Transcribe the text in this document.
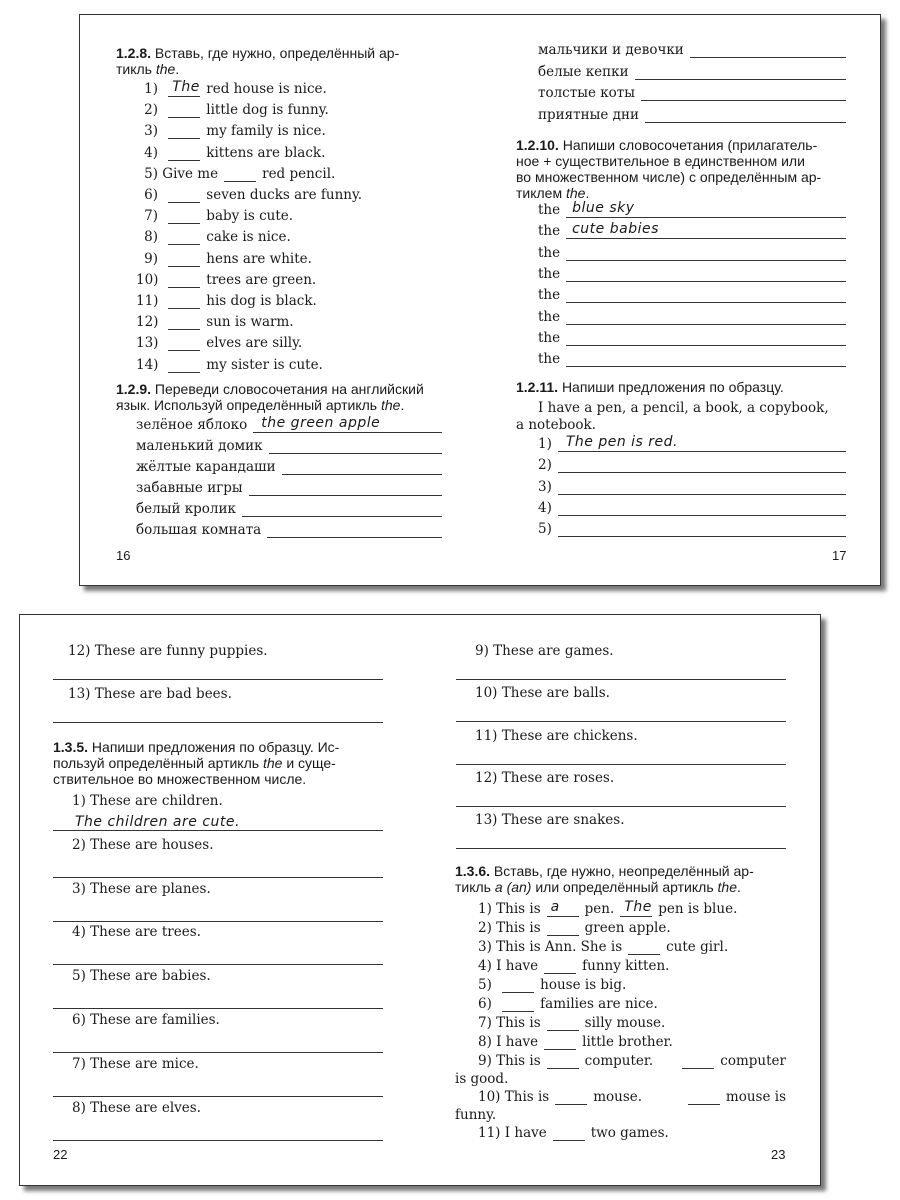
1.2.8. Вставь, где нужно, определённый ар-
тикль the.
1)
The red house is nice.
2)
	little dog is funny.
3)
	my family is nice.
4)
	kittens are black.
5)
Give me	red pencil.
6)
	seven ducks are funny.
7)
	baby is cute.
8)
	cake is nice.
9)
	hens are white.
10)
	trees are green.
11)
	his dog is black.
12)
	sun is warm.
13)
	elves are silly.
14)
	my sister is cute.
1.2.9. Переведи словосочетания на английский
язык. Используй определённый артикль the.
зелёное яблоко the green apple
маленький домик
жёлтые карандаши
забавные игры
белый кролик
большая комната
16
мальчики и девочки
белые кепки
толстые коты
приятные дни
1.2.10. Напиши словосочетания (прилагатель-
ное + существительное в единственном или
во множественном числе) с определённым ар-
тиклем the.
the blue sky
the cute babies
the
the
the
the
the
the
1.2.11. Напиши предложения по образцу.
I have a pen, a pencil, a book, a copybook,
a notebook.
1) The pen is red.
2)
3)
4)
5)
17
12)
These are funny puppies.
13)
These are bad bees.
1.3.5. Напиши предложения по образцу. Ис-
пользуй определённый артикль the и суще-
ствительное во множественном числе.
1)
These are children.
The children are cute.
2)
These are houses.
3)
These are planes.
4)
These are trees.
5)
These are babies.
6)
These are families.
7)
These are mice.
8)
These are elves.
22
9)
These are games.
10)
These are balls.
11)
These are chickens.
12)
These are roses.
13)
These are snakes.
1.3.6. Вставь, где нужно, неопределённый ар-
тикль a (an) или определённый артикль the.
1)
This is a pen. The pen is blue.
2)
This is	green apple.
3)
This is Ann. She is	cute girl.
4)
I have	funny kitten.
5)
	house is big.
6)
	families are nice.
7)
This is	silly mouse.
8)
I have	little brother.
9)
This is	computer.	computer
is good.
10)
This is	mouse.	mouse is
funny.
11)
I have	two games.
23
